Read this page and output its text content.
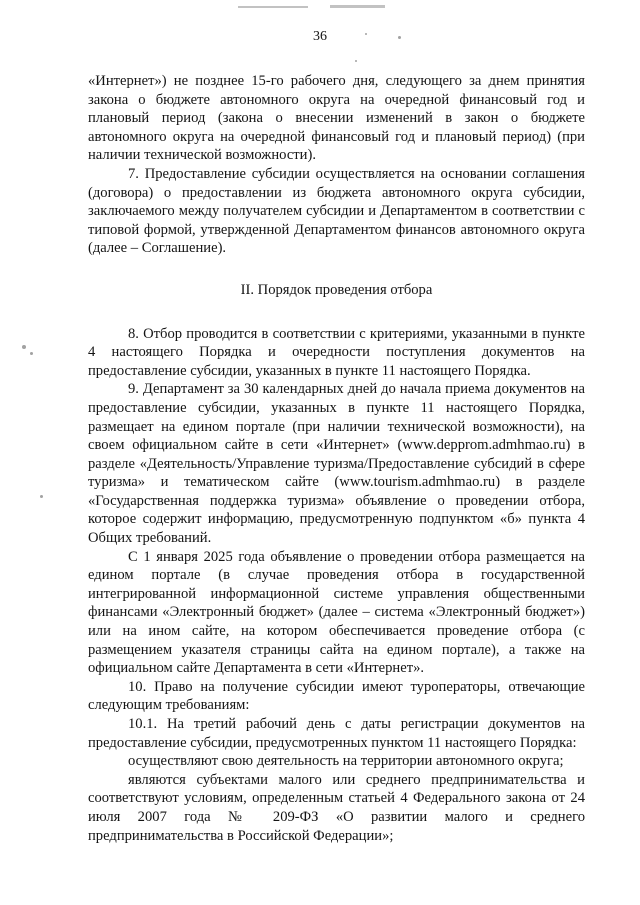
36

«Интернет») не позднее 15-го рабочего дня, следующего за днем принятия закона о бюджете автономного округа на очередной финансовый год и плановый период (закона о внесении изменений в закон о бюджете автономного округа на очередной финансовый год и плановый период) (при наличии технической возможности).

7. Предоставление субсидии осуществляется на основании соглашения (договора) о предоставлении из бюджета автономного округа субсидии, заключаемого между получателем субсидии и Департаментом в соответствии с типовой формой, утвержденной Департаментом финансов автономного округа (далее – Соглашение).

II. Порядок проведения отбора

8. Отбор проводится в соответствии с критериями, указанными в пункте 4 настоящего Порядка и очередности поступления документов на предоставление субсидии, указанных в пункте 11 настоящего Порядка.

9. Департамент за 30 календарных дней до начала приема документов на предоставление субсидии, указанных в пункте 11 настоящего Порядка, размещает на едином портале (при наличии технической возможности), на своем официальном сайте в сети «Интернет» (www.depprom.admhmao.ru) в разделе «Деятельность/Управление туризма/Предоставление субсидий в сфере туризма» и тематическом сайте (www.tourism.admhmao.ru) в разделе «Государственная поддержка туризма» объявление о проведении отбора, которое содержит информацию, предусмотренную подпунктом «б» пункта 4 Общих требований.

С 1 января 2025 года объявление о проведении отбора размещается на едином портале (в случае проведения отбора в государственной интегрированной информационной системе управления общественными финансами «Электронный бюджет» (далее – система «Электронный бюджет») или на ином сайте, на котором обеспечивается проведение отбора (с размещением указателя страницы сайта на едином портале), а также на официальном сайте Департамента в сети «Интернет».

10. Право на получение субсидии имеют туроператоры, отвечающие следующим требованиям:

10.1. На третий рабочий день с даты регистрации документов на предоставление субсидии, предусмотренных пунктом 11 настоящего Порядка:

осуществляют свою деятельность на территории автономного округа;

являются субъектами малого или среднего предпринимательства и соответствуют условиям, определенным статьей 4 Федерального закона от 24 июля 2007 года № 209-ФЗ «О развитии малого и среднего предпринимательства в Российской Федерации»;
